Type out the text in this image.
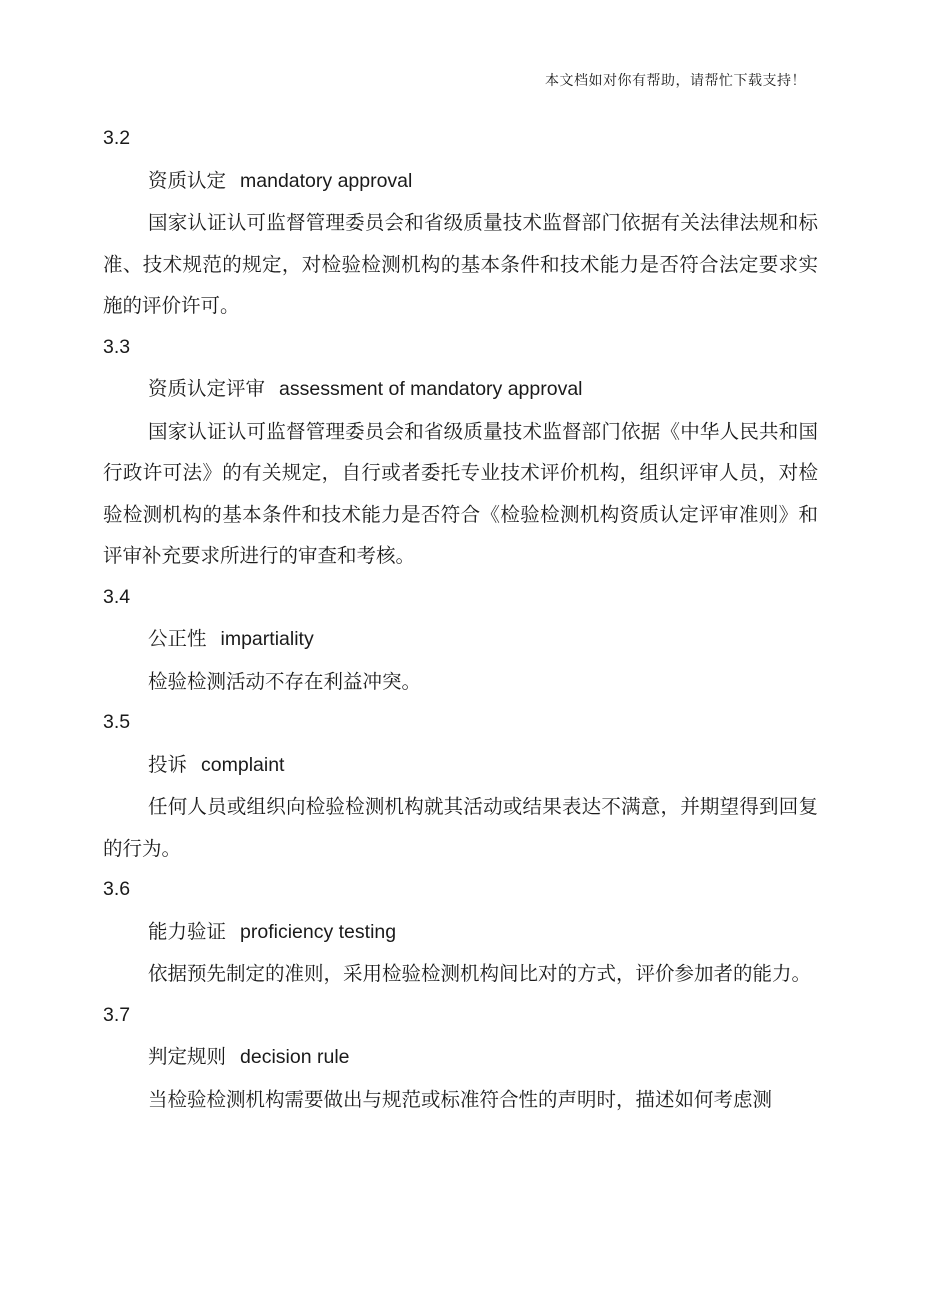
本文档如对你有帮助，请帮忙下载支持！

3.2

资质认定 mandatory approval

国家认证认可监督管理委员会和省级质量技术监督部门依据有关法律法规和标准、技术规范的规定，对检验检测机构的基本条件和技术能力是否符合法定要求实施的评价许可。

3.3

资质认定评审 assessment of mandatory approval

国家认证认可监督管理委员会和省级质量技术监督部门依据《中华人民共和国行政许可法》的有关规定，自行或者委托专业技术评价机构，组织评审人员，对检验检测机构的基本条件和技术能力是否符合《检验检测机构资质认定评审准则》和评审补充要求所进行的审查和考核。

3.4

公正性 impartiality

检验检测活动不存在利益冲突。

3.5

投诉 complaint

任何人员或组织向检验检测机构就其活动或结果表达不满意，并期望得到回复的行为。

3.6

能力验证 proficiency testing

依据预先制定的准则，采用检验检测机构间比对的方式，评价参加者的能力。

3.7

判定规则 decision rule

当检验检测机构需要做出与规范或标准符合性的声明时，描述如何考虑测
